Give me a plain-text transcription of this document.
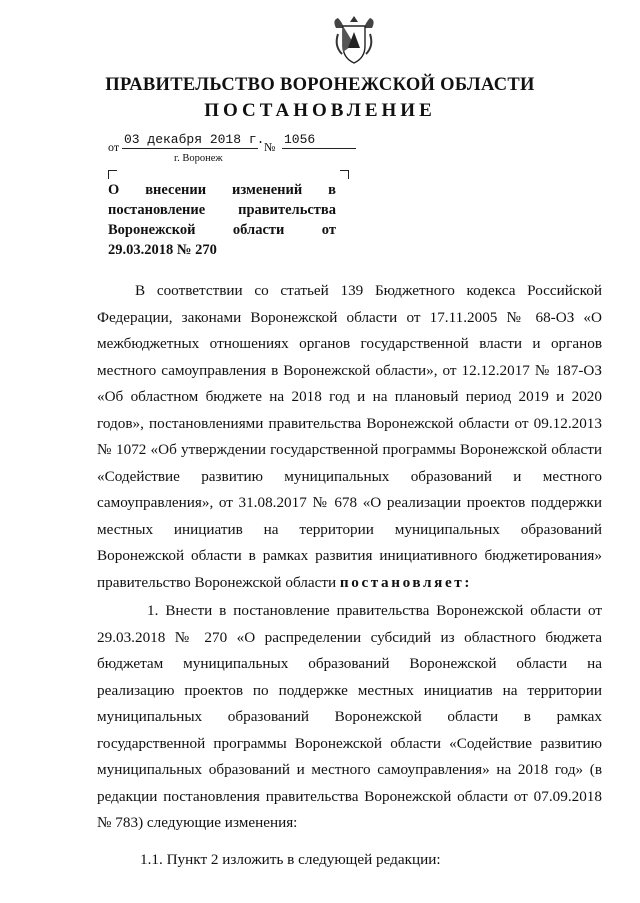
ПРАВИТЕЛЬСТВО ВОРОНЕЖСКОЙ ОБЛАСТИ
ПОСТАНОВЛЕНИЕ
от 03 декабря 2018 г. № 1056
г. Воронеж
О внесении изменений в
постановление правительства
Воронежской	области	от
29.03.2018 № 270

В соответствии со статьей 139 Бюджетного кодекса Российской Федерации, законами Воронежской области от 17.11.2005 № 68-ОЗ «О межбюджетных отношениях органов государственной власти и органов местного самоуправления в Воронежской области», от 12.12.2017 № 187-ОЗ «Об областном бюджете на 2018 год и на плановый период 2019 и 2020 годов», постановлениями правительства Воронежской области от 09.12.2013 № 1072 «Об утверждении государственной программы Воронежской области «Содействие развитию муниципальных образований и местного самоуправления», от 31.08.2017 № 678 «О реализации проектов поддержки местных инициатив на территории муниципальных образований Воронежской области в рамках развития инициативного бюджетирования» правительство Воронежской области постановляет:

1. Внести в постановление правительства Воронежской области от 29.03.2018 № 270 «О распределении субсидий из областного бюджета бюджетам муниципальных образований Воронежской области на реализацию проектов по поддержке местных инициатив на территории муниципальных образований Воронежской области в рамках государственной программы Воронежской области «Содействие развитию муниципальных образований и местного самоуправления» на 2018 год» (в редакции постановления правительства Воронежской области от 07.09.2018 № 783) следующие изменения:

1.1. Пункт 2 изложить в следующей редакции:
